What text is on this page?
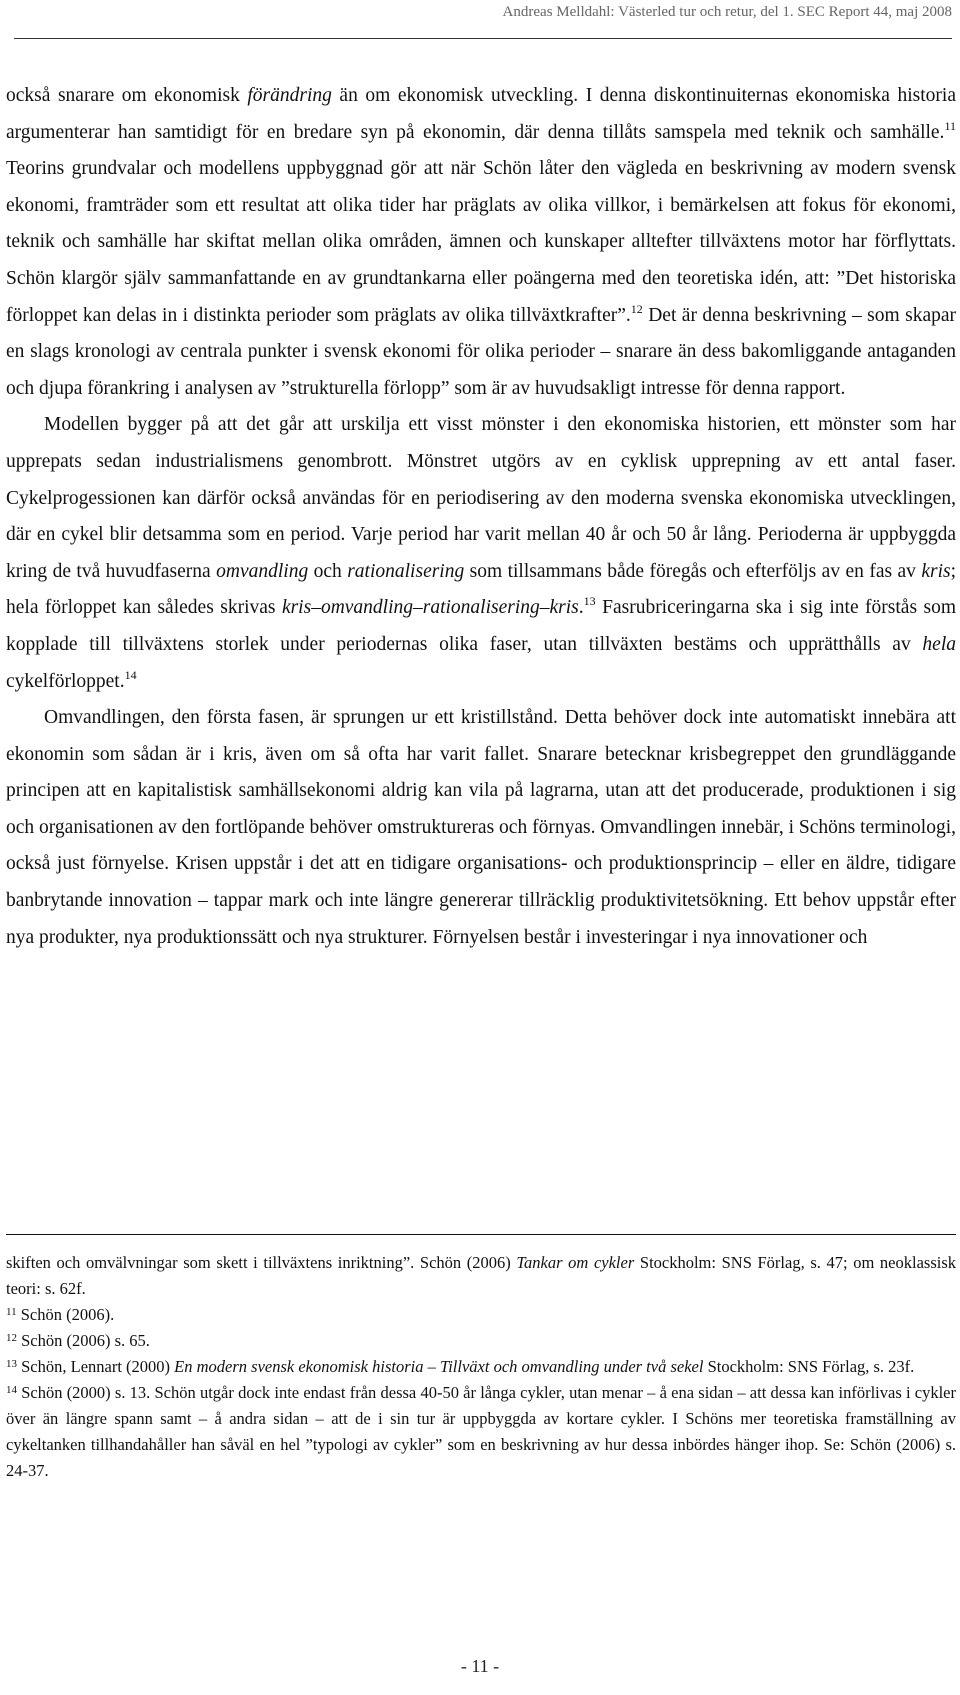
Andreas Melldahl: Västerled tur och retur, del 1. SEC Report 44, maj 2008

också snarare om ekonomisk förändring än om ekonomisk utveckling. I denna diskontinuiternas ekonomiska historia argumenterar han samtidigt för en bredare syn på ekonomin, där denna tillåts samspela med teknik och samhälle.$^{11}$ Teorins grundvalar och modellens uppbyggnad gör att när Schön låter den vägleda en beskrivning av modern svensk ekonomi, framträder som ett resultat att olika tider har präglats av olika villkor, i bemärkelsen att fokus för ekonomi, teknik och samhälle har skiftat mellan olika områden, ämnen och kunskaper alltefter tillväxtens motor har förflyttats. Schön klargör själv sammanfattande en av grundtankarna eller poängerna med den teoretiska idén, att: ”Det historiska förloppet kan delas in i distinkta perioder som präglats av olika tillväxtkrafter”.$^{12}$ Det är denna beskrivning – som skapar en slags kronologi av centrala punkter i svensk ekonomi för olika perioder – snarare än dess bakomliggande antaganden och djupa förankring i analysen av ”strukturella förlopp” som är av huvudsakligt intresse för denna rapport.

Modellen bygger på att det går att urskilja ett visst mönster i den ekonomiska historien, ett mönster som har upprepats sedan industrialismens genombrott. Mönstret utgörs av en cyklisk upprepning av ett antal faser. Cykelprogessionen kan därför också användas för en periodisering av den moderna svenska ekonomiska utvecklingen, där en cykel blir detsamma som en period. Varje period har varit mellan 40 år och 50 år lång. Perioderna är uppbyggda kring de två huvudfaserna omvandling och rationalisering som tillsammans både föregås och efterföljs av en fas av kris; hela förloppet kan således skrivas kris–omvandling–rationalisering–kris.$^{13}$ Fasrubriceringarna ska i sig inte förstås som kopplade till tillväxtens storlek under periodernas olika faser, utan tillväxten bestäms och upprätthålls av hela cykelförloppet.$^{14}$

Omvandlingen, den första fasen, är sprungen ur ett kristillstånd. Detta behöver dock inte automatiskt innebära att ekonomin som sådan är i kris, även om så ofta har varit fallet. Snarare betecknar krisbegreppet den grundläggande principen att en kapitalistisk samhällsekonomi aldrig kan vila på lagrarna, utan att det producerade, produktionen i sig och organisationen av den fortlöpande behöver omstruktureras och förnyas. Omvandlingen innebär, i Schöns terminologi, också just förnyelse. Krisen uppstår i det att en tidigare organisations- och produktionsprincip – eller en äldre, tidigare banbrytande innovation – tappar mark och inte längre genererar tillräcklig produktivitetsökning. Ett behov uppstår efter nya produkter, nya produktionssätt och nya strukturer. Förnyelsen består i investeringar i nya innovationer och

skiften och omvälvningar som skett i tillväxtens inriktning”. Schön (2006) Tankar om cykler Stockholm: SNS Förlag, s. 47; om neoklassisk teori: s. 62f.

$^{11}$ Schön (2006).

$^{12}$ Schön (2006) s. 65.

$^{13}$ Schön, Lennart (2000) En modern svensk ekonomisk historia – Tillväxt och omvandling under två sekel Stockholm: SNS Förlag, s. 23f.

$^{14}$ Schön (2000) s. 13. Schön utgår dock inte endast från dessa 40-50 år långa cykler, utan menar – å ena sidan – att dessa kan införlivas i cykler över än längre spann samt – å andra sidan – att de i sin tur är uppbyggda av kortare cykler. I Schöns mer teoretiska framställning av cykeltanken tillhandahåller han såväl en hel ”typologi av cykler” som en beskrivning av hur dessa inbördes hänger ihop. Se: Schön (2006) s. 24-37.

- 11 -
